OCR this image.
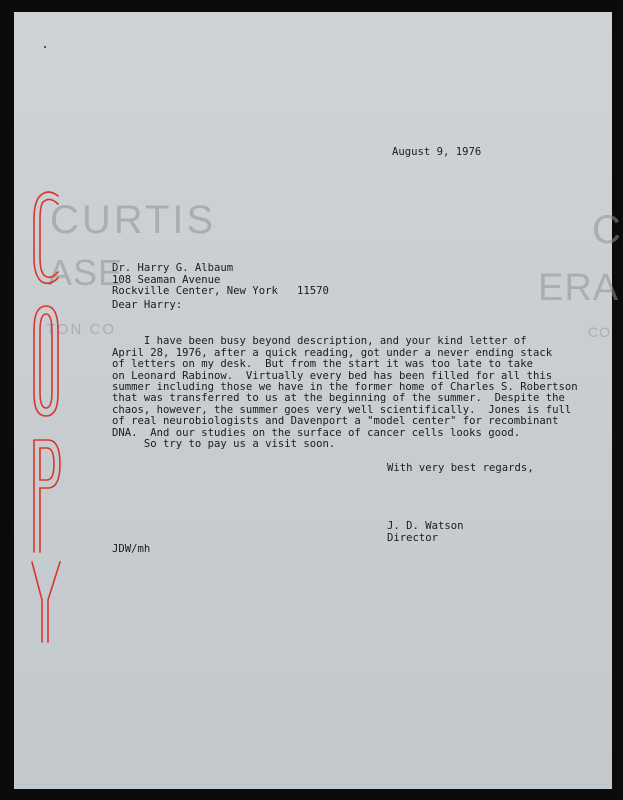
CURTIS
ASE	ERA
TON CO	CO
C
August 9, 1976

Dr. Harry G. Albaum
108 Seaman Avenue
Rockville Center, New York   11570
Dear Harry:

I have been busy beyond description, and your kind letter of
April 28, 1976, after a quick reading, got under a never ending stack
of letters on my desk.  But from the start it was too late to take
on Leonard Rabinow.  Virtually every bed has been filled for all this
summer including those we have in the former home of Charles S. Robertson
that was transferred to us at the beginning of the summer.  Despite the
chaos, however, the summer goes very well scientifically.  Jones is full
of real neurobiologists and Davenport a "model center" for recombinant
DNA.  And our studies on the surface of cancer cells looks good.
So try to pay us a visit soon.
With very best regards,

J. D. Watson
Director
JDW/mh
